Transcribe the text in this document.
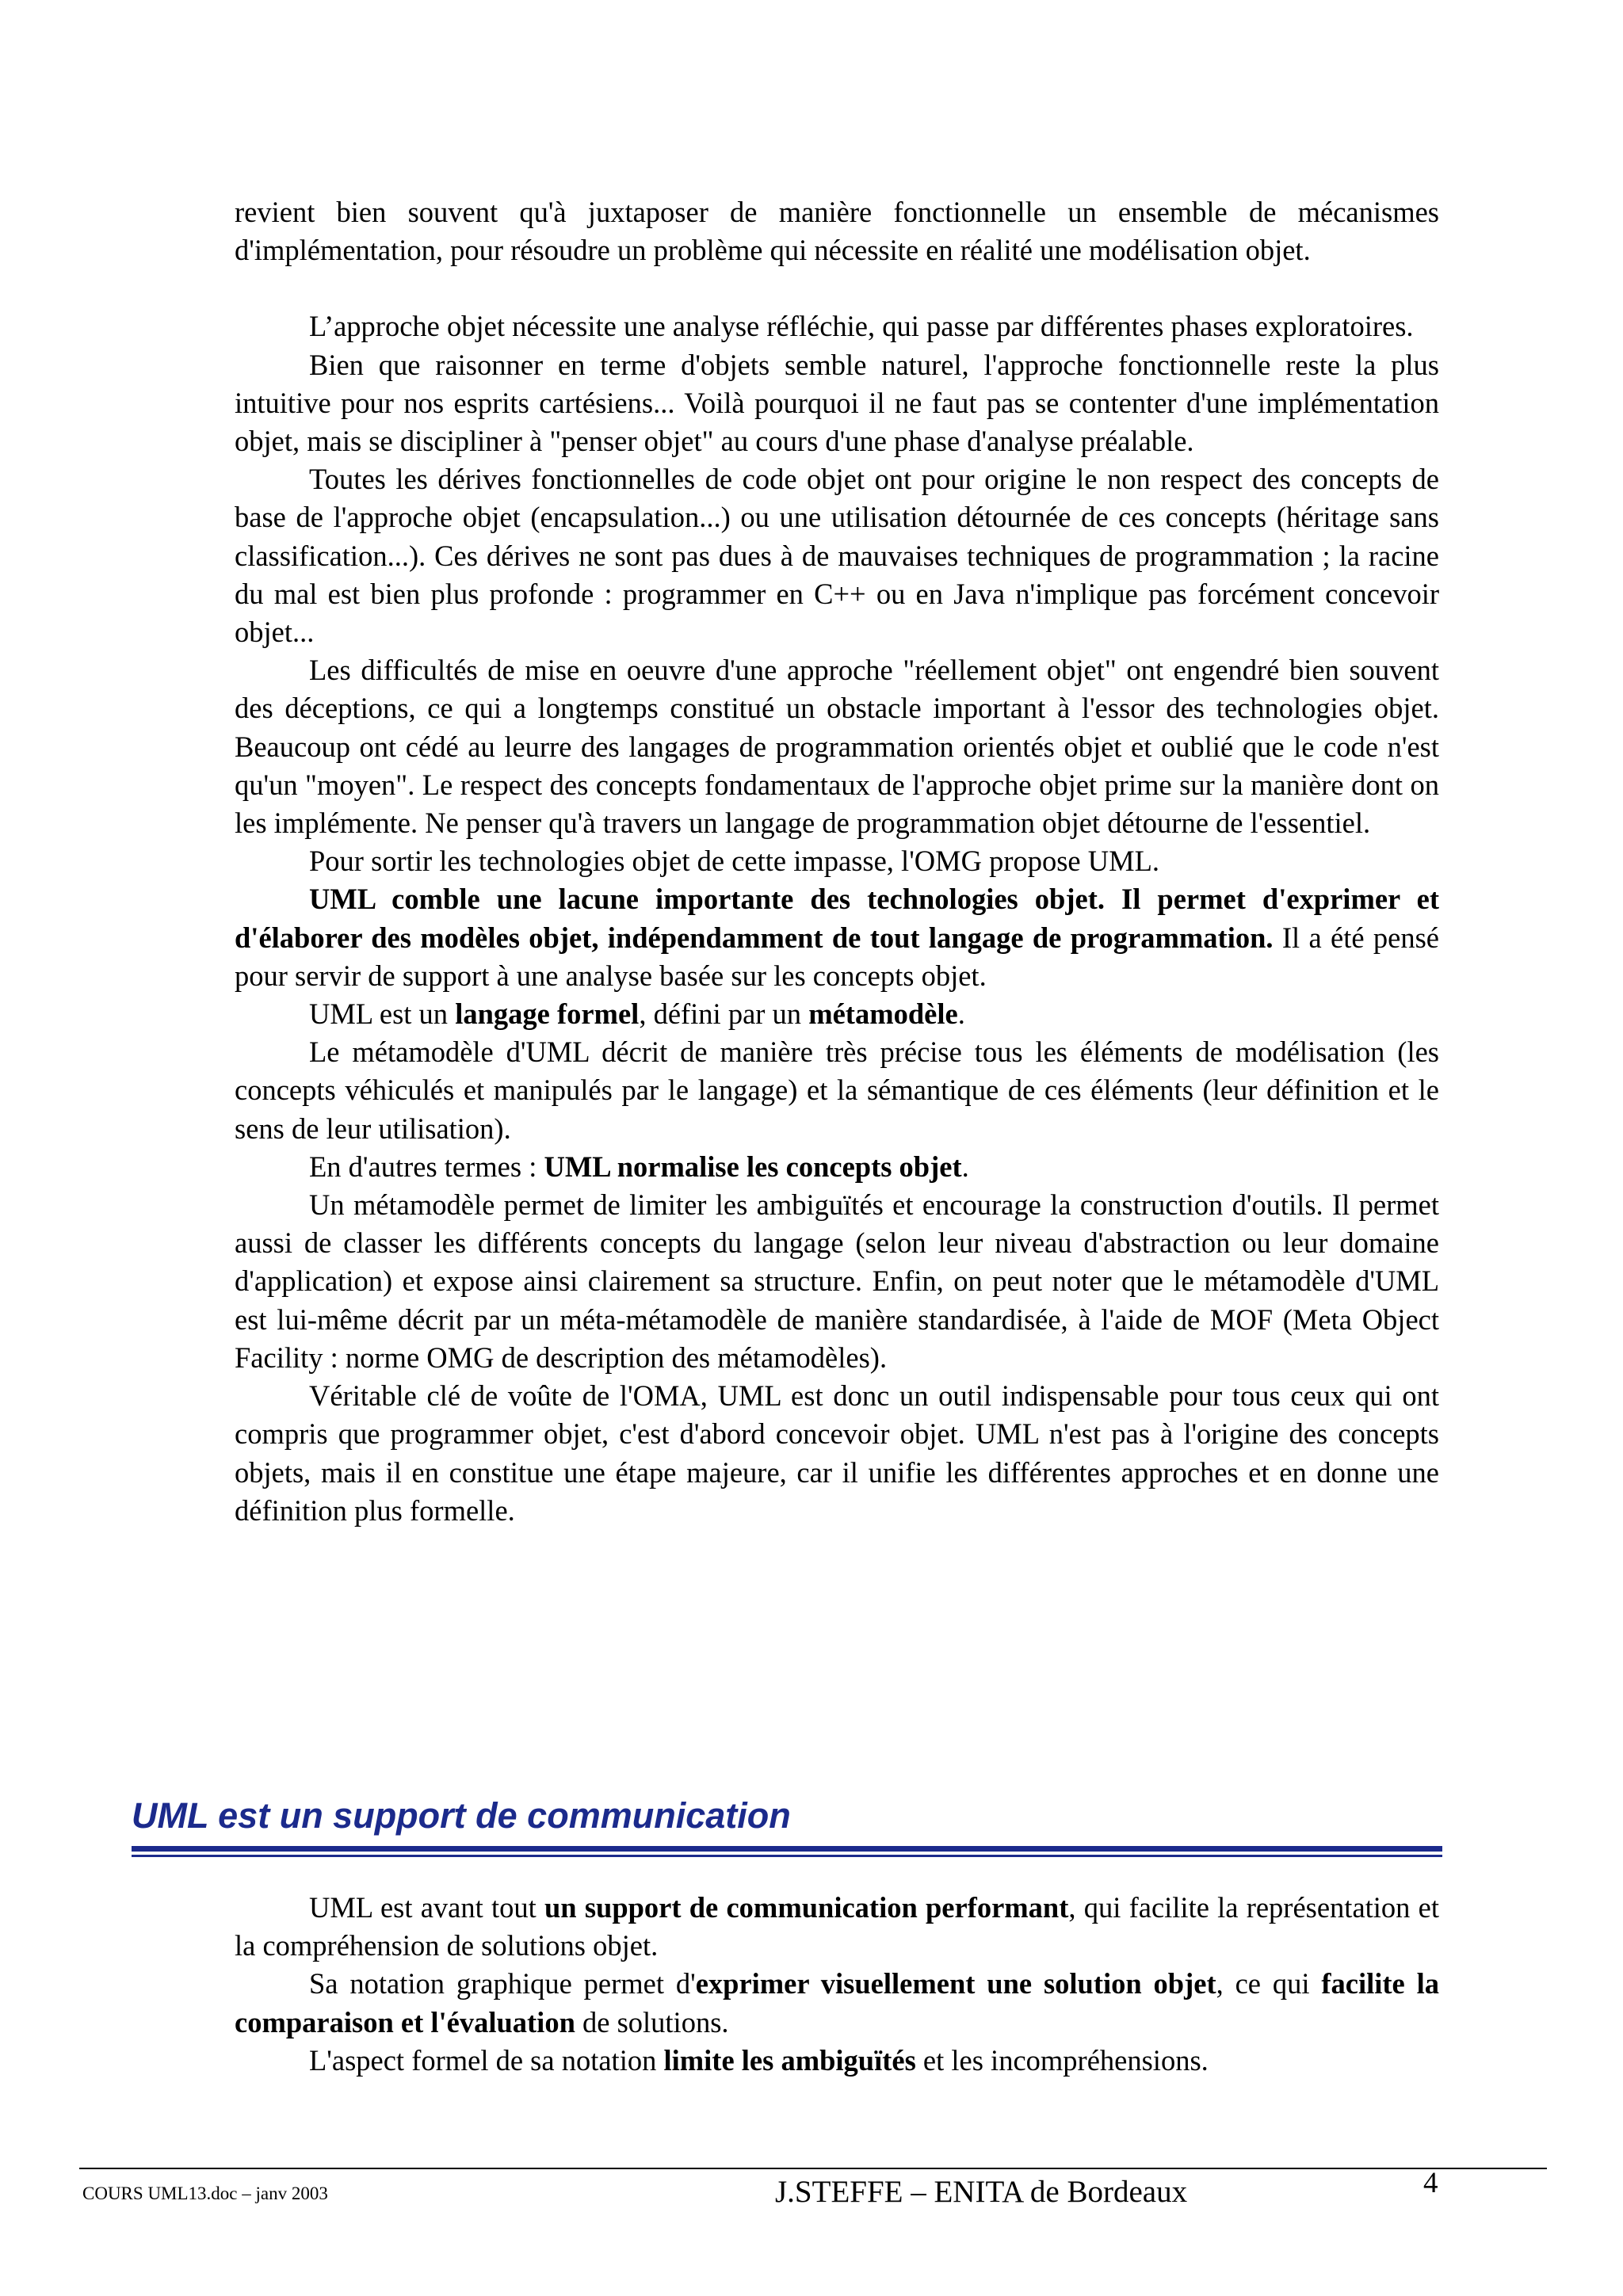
revient bien souvent qu'à juxtaposer de manière fonctionnelle un ensemble de mécanismes d'implémentation, pour résoudre un problème qui nécessite en réalité une modélisation objet.

L’approche objet nécessite une analyse réfléchie, qui passe par différentes phases exploratoires.

Bien que raisonner en terme d'objets semble naturel, l'approche fonctionnelle reste la plus intuitive pour nos esprits cartésiens... Voilà pourquoi il ne faut pas se contenter d'une implémentation objet, mais se discipliner à "penser objet" au cours d'une phase d'analyse préalable.

Toutes les dérives fonctionnelles de code objet ont pour origine le non respect des concepts de base de l'approche objet (encapsulation...) ou une utilisation détournée de ces concepts (héritage sans classification...). Ces dérives ne sont pas dues à de mauvaises techniques de programmation ; la racine du mal est bien plus profonde : programmer en C++ ou en Java n'implique pas forcément concevoir objet...

Les difficultés de mise en oeuvre d'une approche "réellement objet" ont engendré bien souvent des déceptions, ce qui a longtemps constitué un obstacle important à l'essor des technologies objet. Beaucoup ont cédé au leurre des langages de programmation orientés objet et oublié que le code n'est qu'un "moyen". Le respect des concepts fondamentaux de l'approche objet prime sur la manière dont on les implémente. Ne penser qu'à travers un langage de programmation objet détourne de l'essentiel.

Pour sortir les technologies objet de cette impasse, l'OMG propose UML.

UML comble une lacune importante des technologies objet. Il permet d'exprimer et d'élaborer des modèles objet, indépendamment de tout langage de programmation. Il a été pensé pour servir de support à une analyse basée sur les concepts objet.

UML est un langage formel, défini par un métamodèle.

Le métamodèle d'UML décrit de manière très précise tous les éléments de modélisation (les concepts véhiculés et manipulés par le langage) et la sémantique de ces éléments (leur définition et le sens de leur utilisation).

En d'autres termes : UML normalise les concepts objet.

Un métamodèle permet de limiter les ambiguïtés et encourage la construction d'outils. Il permet aussi de classer les différents concepts du langage (selon leur niveau d'abstraction ou leur domaine d'application) et expose ainsi clairement sa structure. Enfin, on peut noter que le métamodèle d'UML est lui-même décrit par un méta-métamodèle de manière standardisée, à l'aide de MOF (Meta Object Facility : norme OMG de description des métamodèles).

Véritable clé de voûte de l'OMA, UML est donc un outil indispensable pour tous ceux qui ont compris que programmer objet, c'est d'abord concevoir objet. UML n'est pas à l'origine des concepts objets, mais il en constitue une étape majeure, car il unifie les différentes approches et en donne une définition plus formelle.

UML est un support de communication

UML est avant tout un support de communication performant, qui facilite la représentation et la compréhension de solutions objet.

Sa notation graphique permet d'exprimer visuellement une solution objet, ce qui facilite la comparaison et l'évaluation de solutions.

L'aspect formel de sa notation limite les ambiguïtés et les incompréhensions.

COURS UML13.doc – janv 2003	J.STEFFE – ENITA de Bordeaux	4
